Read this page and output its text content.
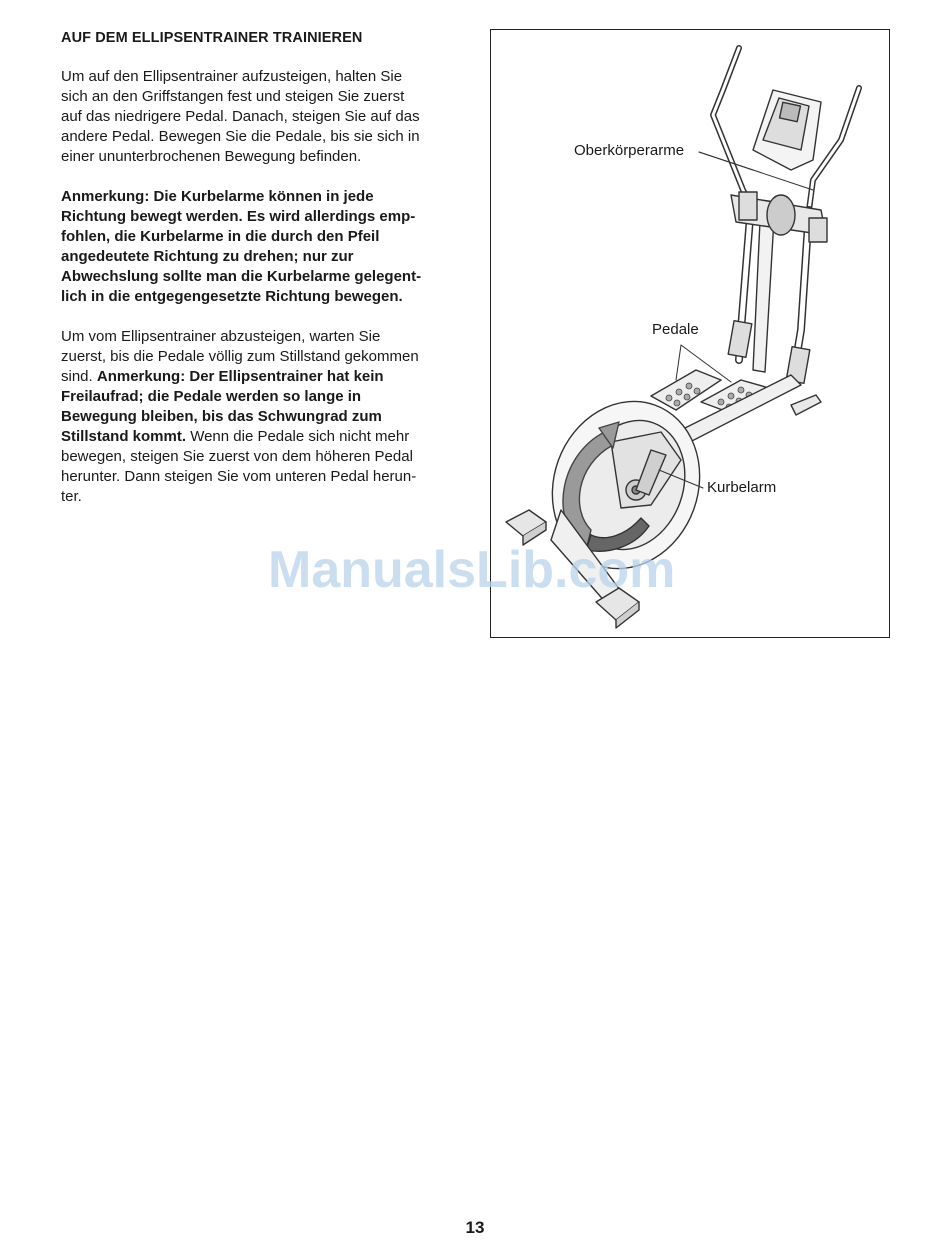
AUF DEM ELLIPSENTRAINER TRAINIEREN

Um auf den Ellipsentrainer aufzusteigen, halten Sie
sich an den Griffstangen fest und steigen Sie zuerst
auf das niedrigere Pedal. Danach, steigen Sie auf das
andere Pedal. Bewegen Sie die Pedale, bis sie sich in
einer ununterbrochenen Bewegung befinden.

Anmerkung: Die Kurbelarme können in jede
Richtung bewegt werden. Es wird allerdings emp-
fohlen, die Kurbelarme in die durch den Pfeil
angedeutete Richtung zu drehen; nur zur
Abwechslung sollte man die Kurbelarme gelegent-
lich in die entgegengesetzte Richtung bewegen.

Um vom Ellipsentrainer abzusteigen, warten Sie
zuerst, bis die Pedale völlig zum Stillstand gekommen
sind. Anmerkung: Der Ellipsentrainer hat kein
Freilaufrad; die Pedale werden so lange in
Bewegung bleiben, bis das Schwungrad zum
Stillstand kommt. Wenn die Pedale sich nicht mehr
bewegen, steigen Sie zuerst von dem höheren Pedal
herunter. Dann steigen Sie vom unteren Pedal herun-
ter.

Oberkörperarme
Pedale
Kurbelarm
ManualsLib.com
13
